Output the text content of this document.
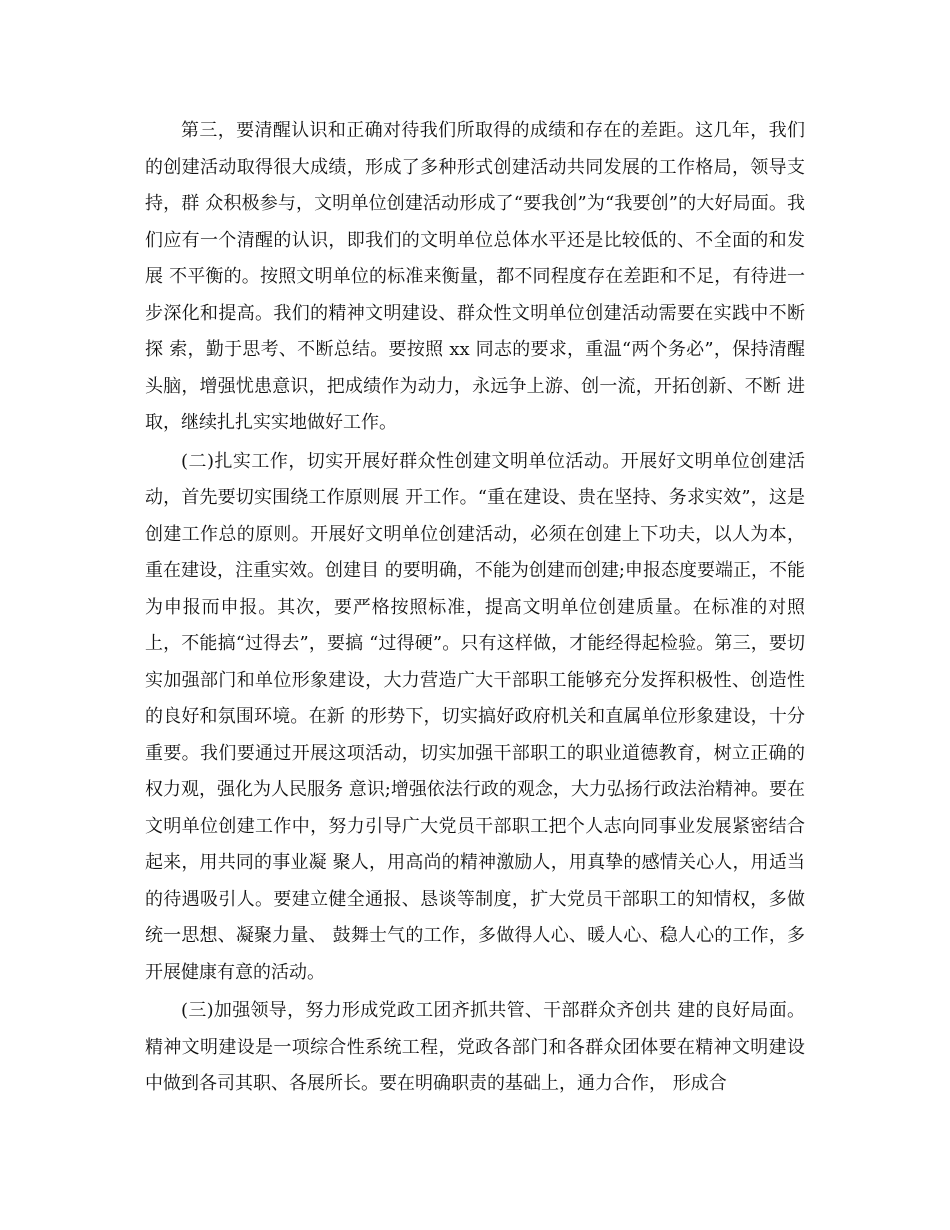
第三，要清醒认识和正确对待我们所取得的成绩和存在的差距。这几年，我们的创建活动取得很大成绩，形成了多种形式创建活动共同发展的工作格局，领导支持，群 众积极参与，文明单位创建活动形成了“要我创”为“我要创”的大好局面。我们应有一个清醒的认识，即我们的文明单位总体水平还是比较低的、不全面的和发展 不平衡的。按照文明单位的标准来衡量，都不同程度存在差距和不足，有待进一步深化和提高。我们的精神文明建设、群众性文明单位创建活动需要在实践中不断探 索，勤于思考、不断总结。要按照 xx 同志的要求，重温“两个务必”，保持清醒头脑，增强忧患意识，把成绩作为动力，永远争上游、创一流，开拓创新、不断 进取，继续扎扎实实地做好工作。

(二)扎实工作，切实开展好群众性创建文明单位活动。开展好文明单位创建活动，首先要切实围绕工作原则展 开工作。“重在建设、贵在坚持、务求实效”，这是创建工作总的原则。开展好文明单位创建活动，必须在创建上下功夫，以人为本，重在建设，注重实效。创建目 的要明确，不能为创建而创建;申报态度要端正，不能为申报而申报。其次，要严格按照标准，提高文明单位创建质量。在标准的对照上，不能搞“过得去”，要搞 “过得硬”。只有这样做，才能经得起检验。第三，要切实加强部门和单位形象建设，大力营造广大干部职工能够充分发挥积极性、创造性的良好和氛围环境。在新 的形势下，切实搞好政府机关和直属单位形象建设，十分重要。我们要通过开展这项活动，切实加强干部职工的职业道德教育，树立正确的权力观，强化为人民服务 意识;增强依法行政的观念，大力弘扬行政法治精神。要在文明单位创建工作中，努力引导广大党员干部职工把个人志向同事业发展紧密结合起来，用共同的事业凝 聚人，用高尚的精神激励人，用真挚的感情关心人，用适当的待遇吸引人。要建立健全通报、恳谈等制度，扩大党员干部职工的知情权，多做统一思想、凝聚力量、 鼓舞士气的工作，多做得人心、暖人心、稳人心的工作，多开展健康有意的活动。

(三)加强领导，努力形成党政工团齐抓共管、干部群众齐创共 建的良好局面。精神文明建设是一项综合性系统工程，党政各部门和各群众团体要在精神文明建设中做到各司其职、各展所长。要在明确职责的基础上，通力合作， 形成合
